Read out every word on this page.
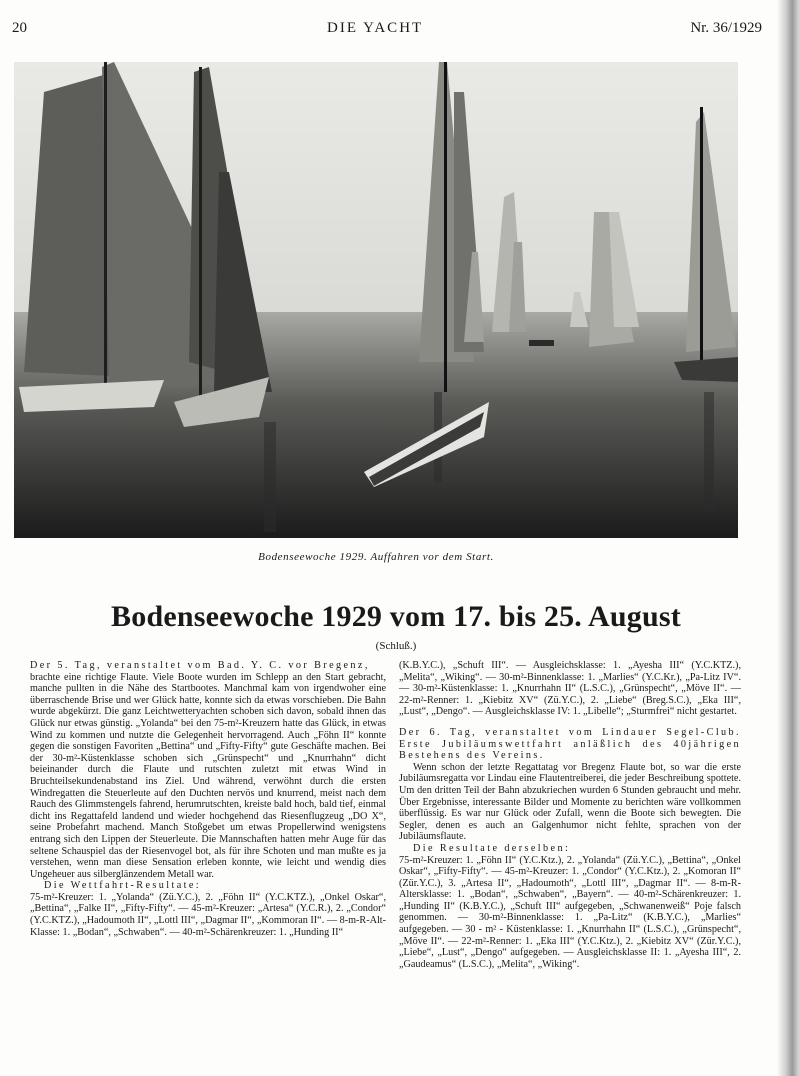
20	DIE YACHT	Nr. 36/1929
Bodenseewoche 1929. Auffahren vor dem Start.
Bodenseewoche 1929 vom 17. bis 25. August
(Schluß.)

Der 5. Tag, veranstaltet vom Bad. Y. C. vor Bregenz,

brachte eine richtige Flaute. Viele Boote wurden im Schlepp an den Start gebracht, manche pullten in die Nähe des Startbootes. Manchmal kam von irgendwoher eine überraschende Brise und wer Glück hatte, konnte sich da etwas vorschieben. Die Bahn wurde abgekürzt. Die ganz Leichtwetteryachten schoben sich davon, sobald ihnen das Glück nur etwas günstig. „Yolanda“ bei den 75-m²-Kreuzern hatte das Glück, in etwas Wind zu kommen und nutzte die Gelegenheit hervorragend. Auch „Föhn II“ konnte gegen die sonstigen Favoriten „Bettina“ und „Fifty-Fifty“ gute Geschäfte machen. Bei der 30-m²-Küstenklasse schoben sich „Grünspecht“ und „Knurrhahn“ dicht beieinander durch die Flaute und rutschten zuletzt mit etwas Wind in Bruchteilsekundenabstand ins Ziel. Und während, verwöhnt durch die ersten Windregatten die Steuerleute auf den Duchten nervös und knurrend, meist nach dem Rauch des Glimmstengels fahrend, herumrutschten, kreiste bald hoch, bald tief, einmal dicht ins Regattafeld landend und wieder hochgehend das Riesenflugzeug „DO X“, seine Probefahrt machend. Manch Stoßgebet um etwas Propellerwind wenigstens entrang sich den Lippen der Steuerleute. Die Mannschaften hatten mehr Auge für das seltene Schauspiel das der Riesenvogel bot, als für ihre Schoten und man mußte es ja verstehen, wenn man diese Sensation erleben konnte, wie leicht und wendig dies Ungeheuer aus silberglänzendem Metall war.

Die Wettfahrt-Resultate:

75-m²-Kreuzer: 1. „Yolanda“ (Zü.Y.C.), 2. „Föhn II“ (Y.C.KTZ.), „Onkel Oskar“, „Bettina“, „Falke II“, „Fifty-Fifty“. — 45-m²-Kreuzer: „Artesa“ (Y.C.R.), 2. „Condor“ (Y.C.KTZ.), „Hadoumoth II“, „Lottl III“, „Dagmar II“, „Kommoran II“. — 8-m-R-Alt-Klasse: 1. „Bodan“, „Schwaben“. — 40-m²-Schärenkreuzer: 1. „Hunding II“

(K.B.Y.C.), „Schuft III“. — Ausgleichsklasse: 1. „Ayesha III“ (Y.C.KTZ.), „Melita“, „Wiking“. — 30-m²-Binnenklasse: 1. „Marlies“ (Y.C.Kr.), „Pa-Litz IV“. — 30-m²-Küstenklasse: 1. „Knurrhahn II“ (L.S.C.), „Grünspecht“, „Möve II“. — 22-m²-Renner: 1. „Kiebitz XV“ (Zü.Y.C.), 2. „Liebe“ (Breg.S.C.), „Eka III“, „Lust“, „Dengo“. — Ausgleichsklasse IV: 1. „Libelle“; „Sturmfrei“ nicht gestartet.

Der 6. Tag, veranstaltet vom Lindauer Segel-Club. Erste Jubiläumswettfahrt anläßlich des 40jährigen Bestehens des Vereins.

Wenn schon der letzte Regattatag vor Bregenz Flaute bot, so war die erste Jubiläumsregatta vor Lindau eine Flautentreiberei, die jeder Beschreibung spottete. Um den dritten Teil der Bahn abzukriechen wurden 6 Stunden gebraucht und mehr. Über Ergebnisse, interessante Bilder und Momente zu berichten wäre vollkommen überflüssig. Es war nur Glück oder Zufall, wenn die Boote sich bewegten. Die Segler, denen es auch an Galgenhumor nicht fehlte, sprachen von der Jubiläumsflaute.

Die Resultate derselben:

75-m²-Kreuzer: 1. „Föhn II“ (Y.C.Ktz.), 2. „Yolanda“ (Zü.Y.C.), „Bettina“, „Onkel Oskar“, „Fifty-Fifty“. — 45-m²-Kreuzer: 1. „Condor“ (Y.C.Ktz.), 2. „Komoran II“ (Zür.Y.C.), 3. „Artesa II“, „Hadoumoth“, „Lottl III“, „Dagmar II“. — 8-m-R-Altersklasse: 1. „Bodan“, „Schwaben“, „Bayern“. — 40-m²-Schärenkreuzer: 1. „Hunding II“ (K.B.Y.C.), „Schuft III“ aufgegeben, „Schwanenweiß“ Poje falsch genommen. — 30-m²-Binnenklasse: 1. „Pa-Litz“ (K.B.Y.C.), „Marlies“ aufgegeben. — 30 - m² - Küstenklasse: 1. „Knurrhahn II“ (L.S.C.), „Grünspecht“, „Möve II“. — 22-m²-Renner: 1. „Eka III“ (Y.C.Ktz.), 2. „Kiebitz XV“ (Zür.Y.C.), „Liebe“, „Lust“, „Dengo“ aufgegeben. — Ausgleichsklasse II: 1. „Ayesha III“, 2. „Gaudeamus“ (L.S.C.), „Melita“, „Wiking“.
